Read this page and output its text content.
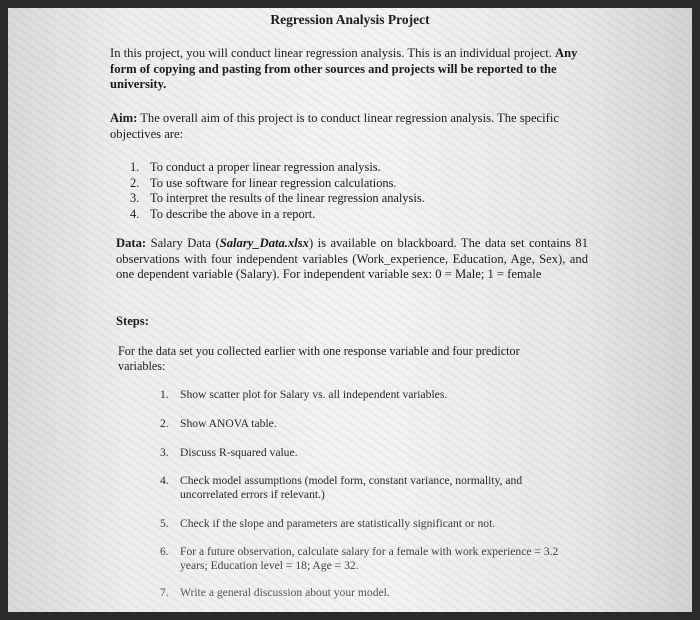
Regression Analysis Project
In this project, you will conduct linear regression analysis. This is an individual project. Any form of copying and pasting from other sources and projects will be reported to the university.
Aim: The overall aim of this project is to conduct linear regression analysis. The specific objectives are:
1. To conduct a proper linear regression analysis.
2. To use software for linear regression calculations.
3. To interpret the results of the linear regression analysis.
4. To describe the above in a report.
Data: Salary Data (Salary_Data.xlsx) is available on blackboard. The data set contains 81 observations with four independent variables (Work_experience, Education, Age, Sex), and one dependent variable (Salary). For independent variable sex: 0 = Male; 1 = female
Steps:
For the data set you collected earlier with one response variable and four predictor variables:
1. Show scatter plot for Salary vs. all independent variables.
2. Show ANOVA table.
3. Discuss R-squared value.
4. Check model assumptions (model form, constant variance, normality, and uncorrelated errors if relevant.)
5. Check if the slope and parameters are statistically significant or not.
6. For a future observation, calculate salary for a female with work experience = 3.2 years; Education level = 18; Age = 32.
7. Write a general discussion about your model.
